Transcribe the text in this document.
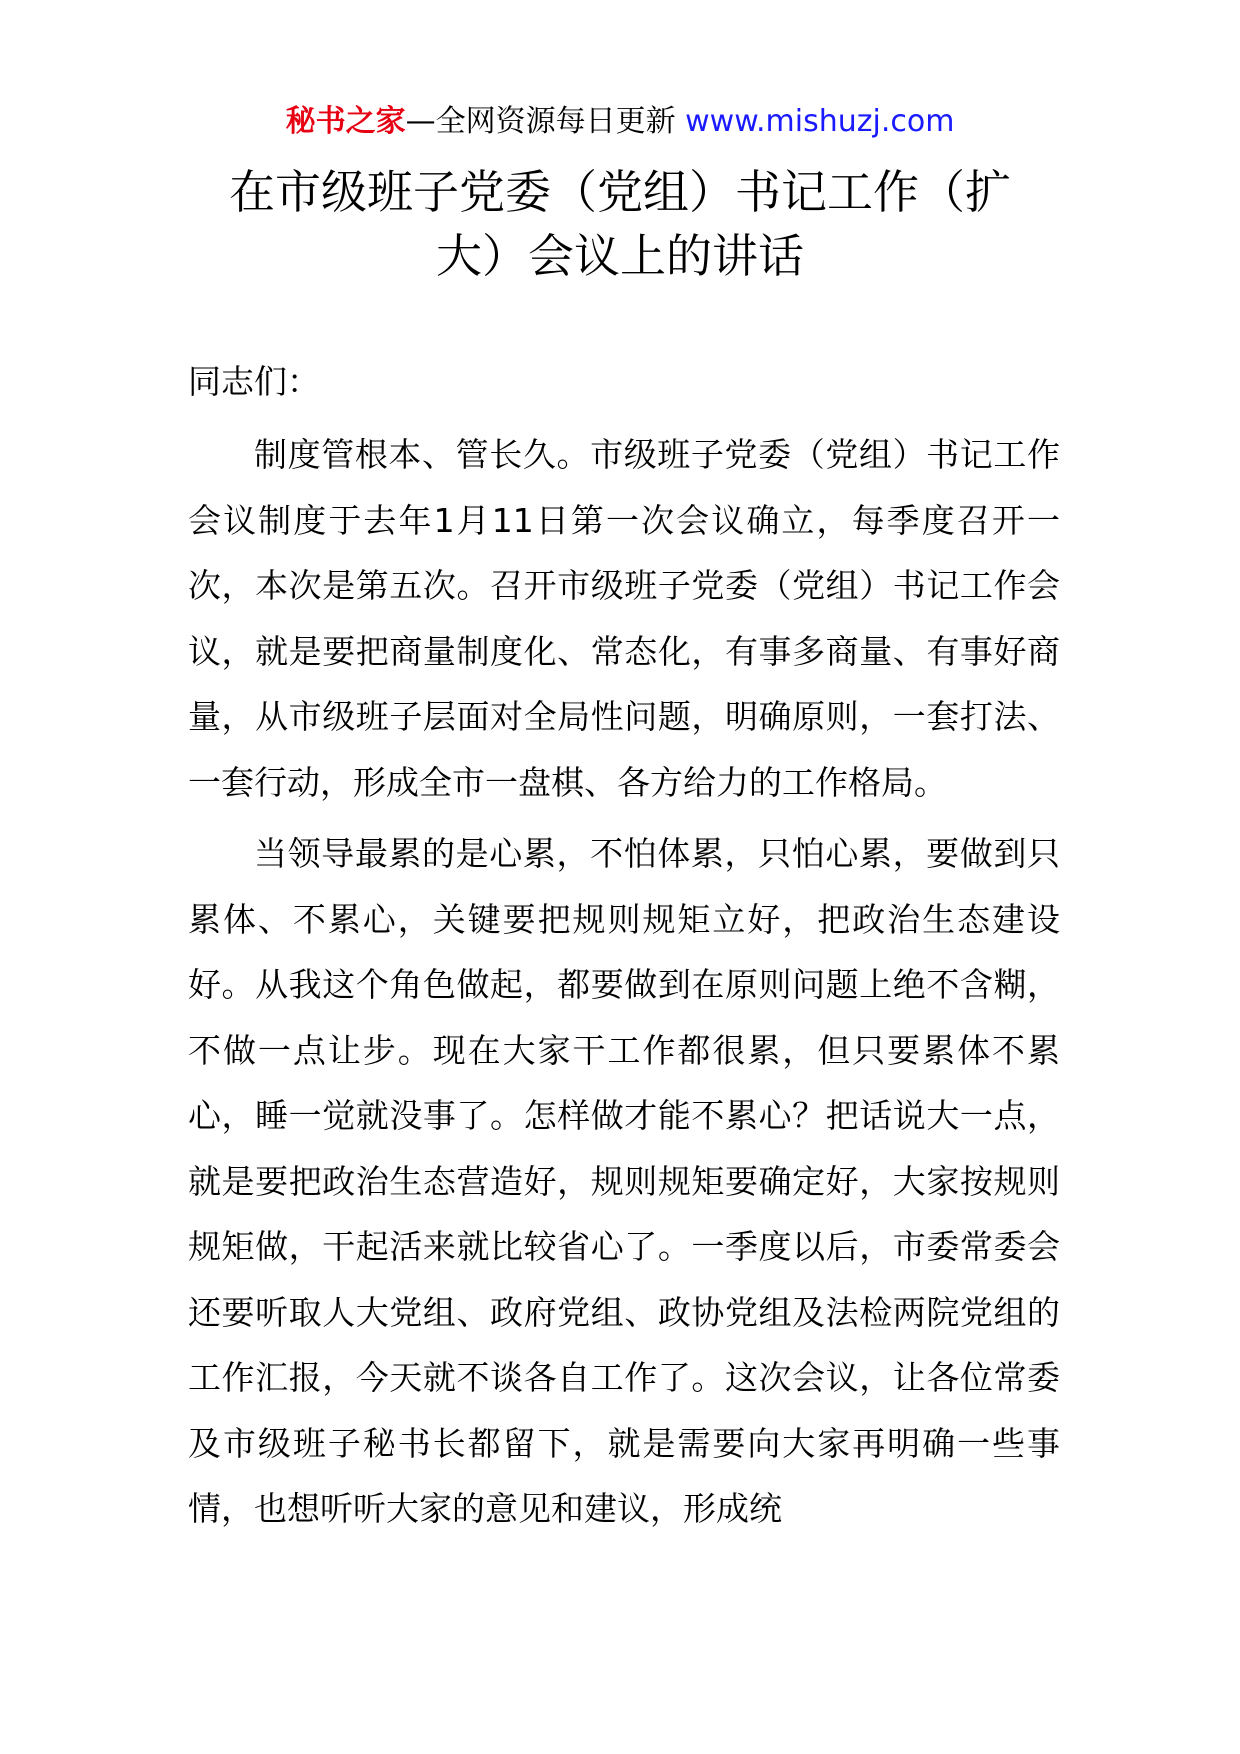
秘书之家—全网资源每日更新 www.mishuzj.com
在市级班子党委（党组）书记工作（扩
大）会议上的讲话

同志们：

制度管根本、管长久。市级班子党委（党组）书记工作会议制度于去年1月11日第一次会议确立，每季度召开一次，本次是第五次。召开市级班子党委（党组）书记工作会议，就是要把商量制度化、常态化，有事多商量、有事好商量，从市级班子层面对全局性问题，明确原则，一套打法、一套行动，形成全市一盘棋、各方给力的工作格局。

当领导最累的是心累，不怕体累，只怕心累，要做到只累体、不累心，关键要把规则规矩立好，把政治生态建设好。从我这个角色做起，都要做到在原则问题上绝不含糊，不做一点让步。现在大家干工作都很累，但只要累体不累心，睡一觉就没事了。怎样做才能不累心？把话说大一点，就是要把政治生态营造好，规则规矩要确定好，大家按规则规矩做，干起活来就比较省心了。一季度以后，市委常委会还要听取人大党组、政府党组、政协党组及法检两院党组的工作汇报，今天就不谈各自工作了。这次会议，让各位常委及市级班子秘书长都留下，就是需要向大家再明确一些事情，也想听听大家的意见和建议，形成统
